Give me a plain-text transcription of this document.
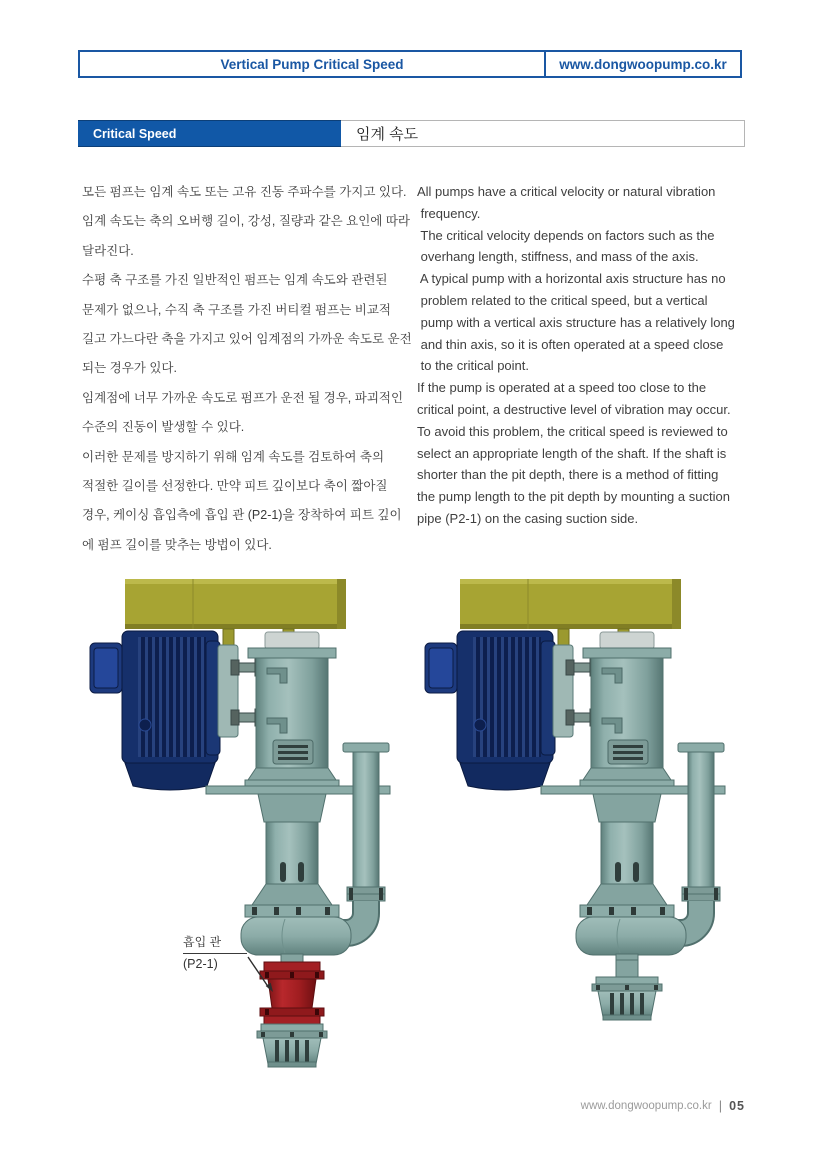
Vertical Pump Critical Speed	www.dongwoopump.co.kr
Critical Speed	임계 속도
모든 펌프는 임계 속도 또는 고유 진동 주파수를 가지고 있다.
임계 속도는 축의 오버행 길이, 강성, 질량과 같은 요인에 따라
달라진다.
수평 축 구조를 가진 일반적인 펌프는 임계 속도와 관련된
문제가 없으나, 수직 축 구조를 가진 버티컬 펌프는 비교적
길고 가느다란 축을 가지고 있어 임계점의 가까운 속도로 운전
되는 경우가 있다.
임계점에 너무 가까운 속도로 펌프가 운전 될 경우, 파괴적인
수준의 진동이 발생할 수 있다.
이러한 문제를 방지하기 위해 임계 속도를 검토하여 축의
적절한 길이를 선정한다. 만약 피트 깊이보다 축이 짧아질
경우, 케이싱 흡입측에 흡입 관 (P2-1)을 장착하여 피트 깊이
에 펌프 길이를 맞추는 방법이 있다.
All pumps have a critical velocity or natural vibration
frequency.
The critical velocity depends on factors such as the
overhang length, stiffness, and mass of the axis.
A typical pump with a horizontal axis structure has no
problem related to the critical speed, but a vertical
pump with a vertical axis structure has a relatively long
and thin axis, so it is often operated at a speed close
to the critical point.
If the pump is operated at a speed too close to the
critical point, a destructive level of vibration may occur.
To avoid this problem, the critical speed is reviewed to
select an appropriate length of the shaft. If the shaft is
shorter than the pit depth, there is a method of fitting
the pump length to the pit depth by mounting a suction
pipe (P2-1) on the casing suction side.
흡입 관
(P2-1)
www.dongwoopump.co.kr | 05
